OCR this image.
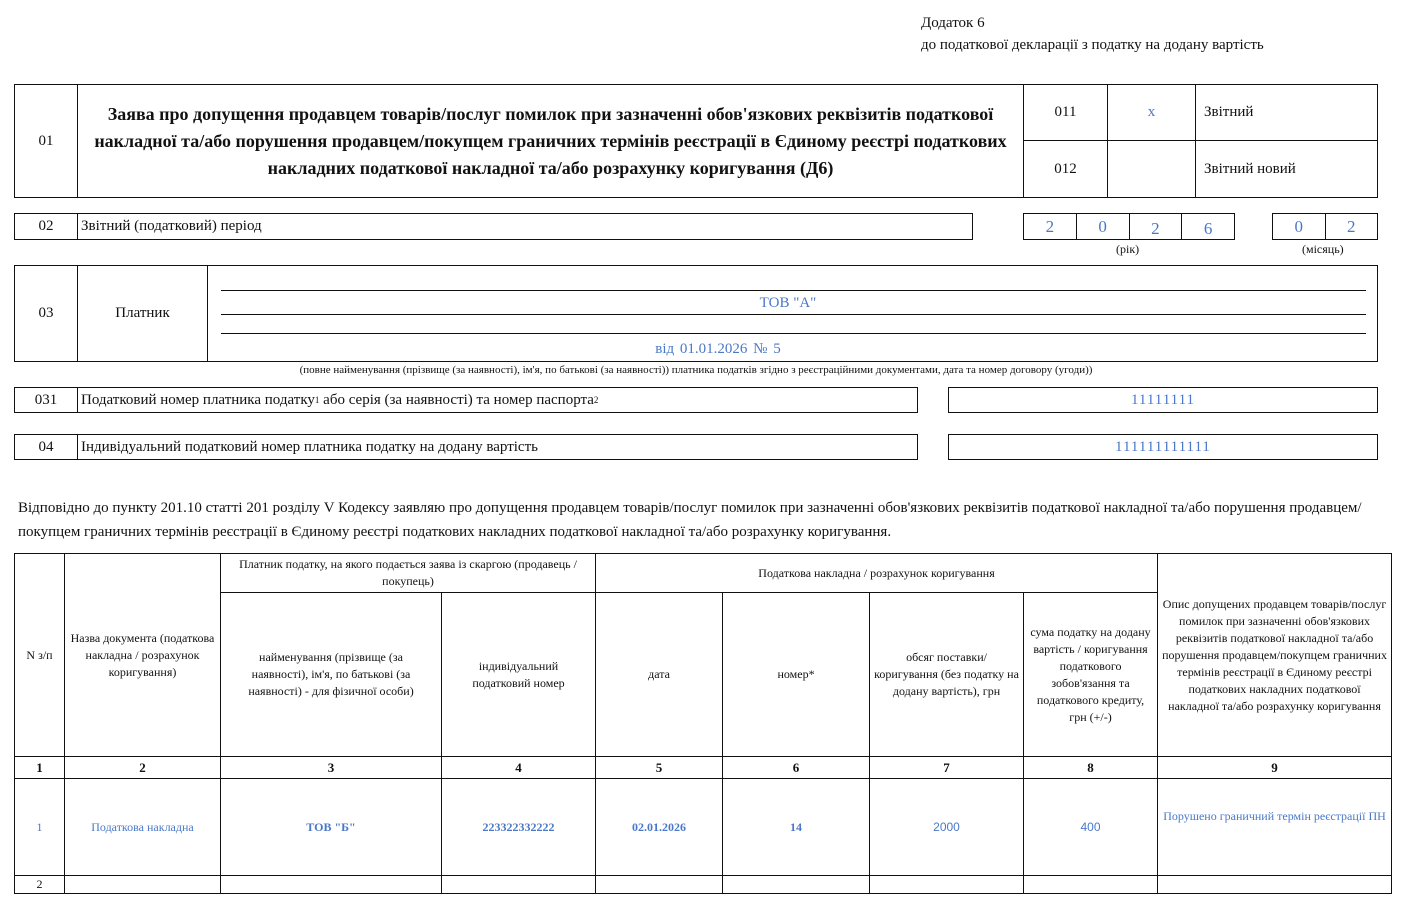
Додаток 6
до податкової декларації з податку на додану вартість
01
Заява про допущення продавцем товарів/послуг помилок при зазначенні обов'язкових реквізитів податкової накладної та/або порушення продавцем/покупцем граничних термінів реєстрації в Єдиному реєстрі податкових накладних податкової накладної та/або розрахунку коригування (Д6)
011	x	Звітний
012	Звітний новий
02	Звітний (податковий) період	2	0	2	6
(рік)
0	2
(місяць)
03	Платник
ТОВ "А"
від 01.01.2026 № 5
(повне найменування (прізвище (за наявності), ім'я, по батькові (за наявності)) платника податків згідно з реєстраційними документами, дата та номер договору (угоди))
031	Податковий номер платника податку 1 або серія (за наявності) та номер паспорта 2	11111111
04	Індивідуальний податковий номер платника податку на додану вартість	111111111111
Відповідно до пункту 201.10 статті 201 розділу V Кодексу заявляю про допущення продавцем товарів/послуг помилок при зазначенні обов'язкових реквізитів податкової накладної та/або порушення продавцем/покупцем граничних термінів реєстрації в Єдиному реєстрі податкових накладних податкової накладної та/або розрахунку коригування.
N з/п	Назва документа (податкова накладна / розрахунок коригування)	Платник податку, на якого подається заява із скаргою (продавець / покупець)		Податкова накладна / розрахунок коригування				Опис допущених продавцем товарів/послуг помилок при зазначенні обов'язкових реквізитів податкової накладної та/або порушення продавцем/покупцем граничних термінів реєстрації в Єдиному реєстрі податкових накладних податкової накладної та/або розрахунку коригування
		найменування (прізвище (за наявності), ім'я, по батькові (за наявності) - для фізичної особи)	індивідуальний податковий номер	дата	номер*	обсяг поставки/ коригування (без податку на додану вартість), грн	сума податку на додану вартість / коригування податкового зобов'язання та податкового кредиту, грн (+/-)	
1	2	3	4	5	6	7	8	9
1	Податкова накладна	ТОВ "Б"	223322332222	02.01.2026	14	2000	400	Порушено граничний термін реєстрації ПН
2								
